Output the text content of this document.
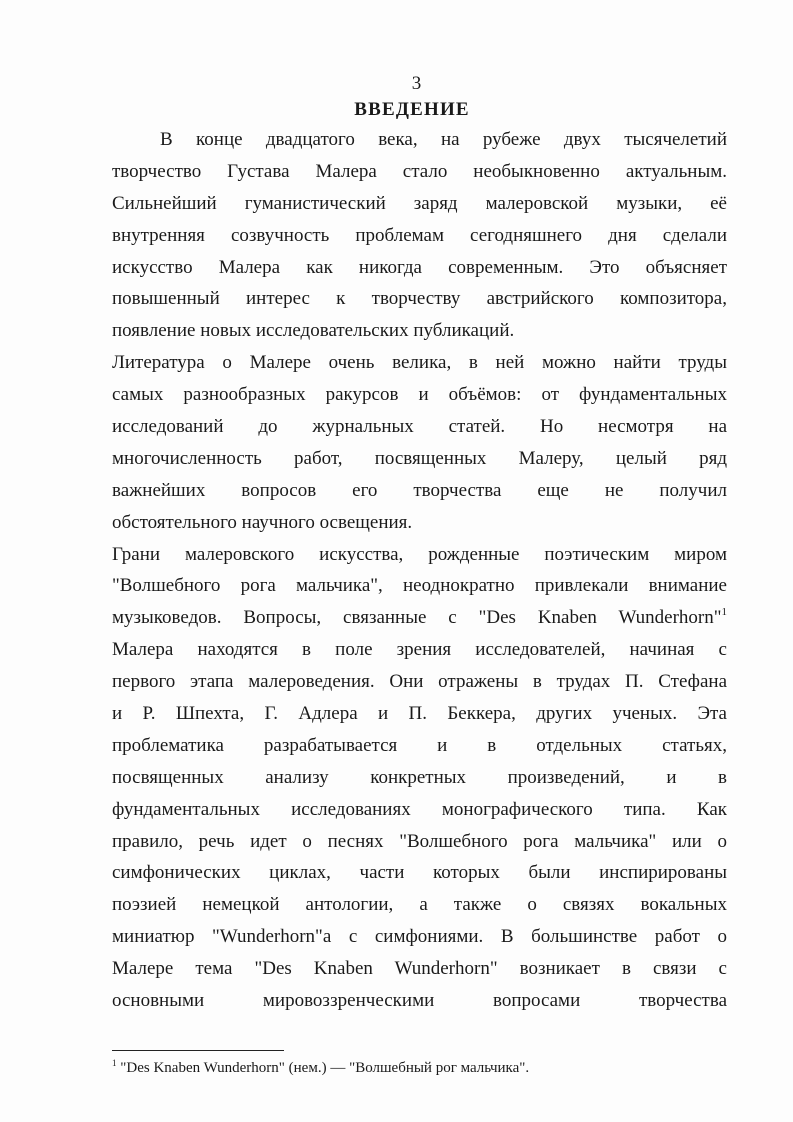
3
ВВЕДЕНИЕ
В конце двадцатого века, на рубеже двух тысячелетий
творчество Густава Малера стало необыкновенно актуальным.
Сильнейший гуманистический заряд малеровской музыки, её
внутренняя созвучность проблемам сегодняшнего дня сделали
искусство Малера как никогда современным. Это объясняет
повышенный интерес к творчеству австрийского композитора,
появление новых исследовательских публикаций.
Литература о Малере очень велика, в ней можно найти труды
самых разнообразных ракурсов и объёмов: от фундаментальных
исследований до журнальных статей. Но несмотря на
многочисленность работ, посвященных Малеру, целый ряд
важнейших вопросов его творчества еще не получил
обстоятельного научного освещения.
Грани малеровского искусства, рожденные поэтическим миром
"Волшебного рога мальчика", неоднократно привлекали внимание
музыковедов. Вопросы, связанные с "Des Knaben Wunderhorn"$^1$
Малера находятся в поле зрения исследователей, начиная с
первого этапа малероведения. Они отражены в трудах П. Стефана
и Р. Шпехта, Г. Адлера и П. Беккера, других ученых. Эта
проблематика разрабатывается и в отдельных статьях,
посвященных анализу конкретных произведений, и в
фундаментальных исследованиях монографического типа. Как
правило, речь идет о песнях "Волшебного рога мальчика" или о
симфонических циклах, части которых были инспирированы
поэзией немецкой антологии, а также о связях вокальных
миниатюр "Wunderhorn"а с симфониями. В большинстве работ о
Малере тема "Des Knaben Wunderhorn" возникает в связи с
основными мировоззренческими вопросами творчества
$^1$ "Des Knaben Wunderhorn" (нем.) — "Волшебный рог мальчика".
